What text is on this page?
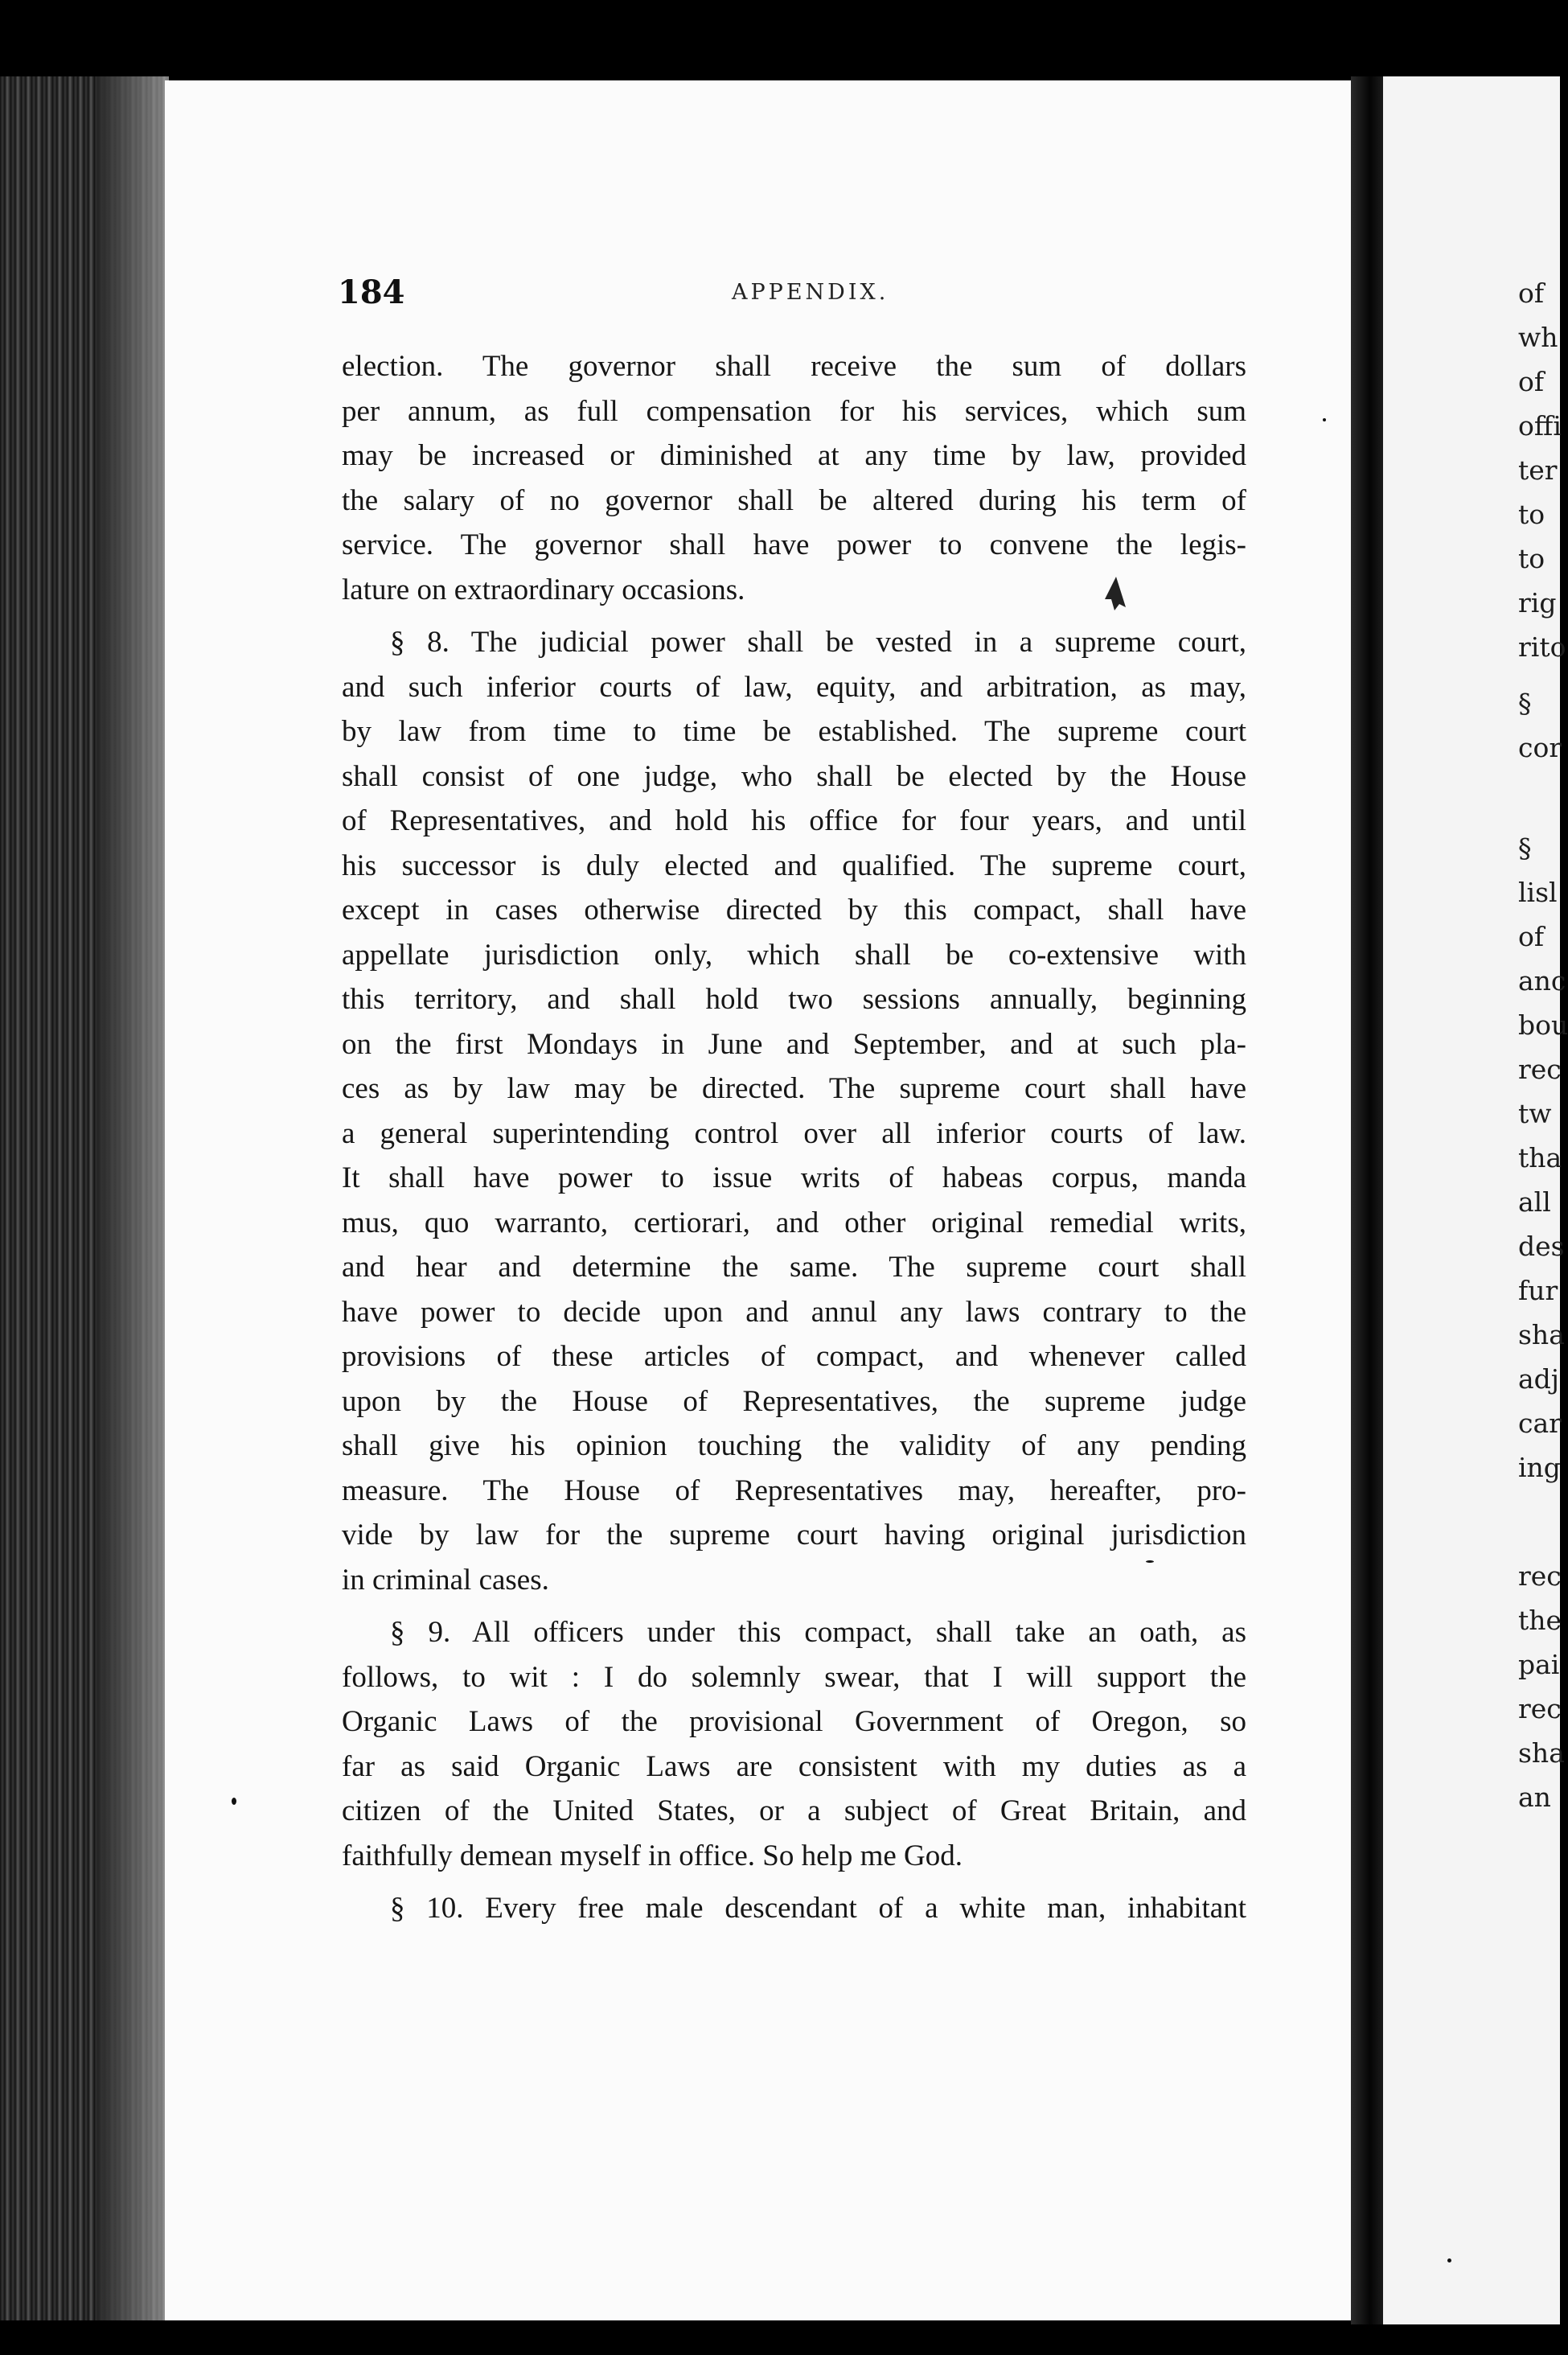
of
wh
of
offi
ter
to
to
rig
rito
§
cor
§
lisl
of
anc
bou
rec
tw
tha
all
des
fur
sha
adj
car
ing
rec
the
pai
rec
sha
an
184	APPENDIX.

election. The governor shall receive the sum of dollars
per annum, as full compensation for his services, which sum
may be increased or diminished at any time by law, provided
the salary of no governor shall be altered during his term of
service. The governor shall have power to convene the legis-
lature on extraordinary occasions.

§ 8. The judicial power shall be vested in a supreme court,
and such inferior courts of law, equity, and arbitration, as may,
by law from time to time be established. The supreme court
shall consist of one judge, who shall be elected by the House
of Representatives, and hold his office for four years, and until
his successor is duly elected and qualified. The supreme court,
except in cases otherwise directed by this compact, shall have
appellate jurisdiction only, which shall be co-extensive with
this territory, and shall hold two sessions annually, beginning
on the first Mondays in June and September, and at such pla-
ces as by law may be directed. The supreme court shall have
a general superintending control over all inferior courts of law.
It shall have power to issue writs of habeas corpus, manda
mus, quo warranto, certiorari, and other original remedial writs,
and hear and determine the same. The supreme court shall
have power to decide upon and annul any laws contrary to the
provisions of these articles of compact, and whenever called
upon by the House of Representatives, the supreme judge
shall give his opinion touching the validity of any pending
measure. The House of Representatives may, hereafter, pro-
vide by law for the supreme court having original jurisdiction
in criminal cases.

§ 9. All officers under this compact, shall take an oath, as
follows, to wit : I do solemnly swear, that I will support the
Organic Laws of the provisional Government of Oregon, so
far as said Organic Laws are consistent with my duties as a
citizen of the United States, or a subject of Great Britain, and
faithfully demean myself in office. So help me God.

§ 10. Every free male descendant of a white man, inhabitant
